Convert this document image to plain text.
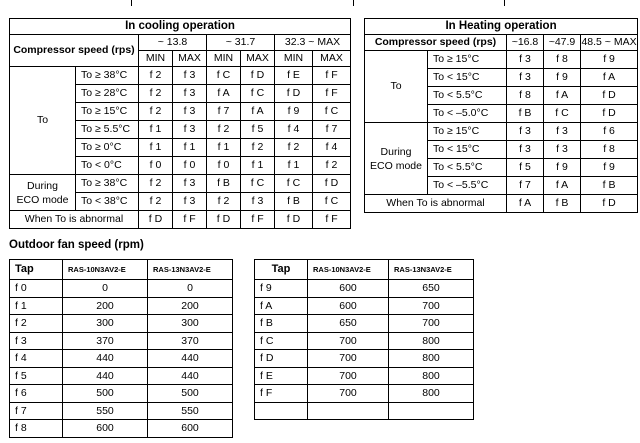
In cooling operation							
Compressor speed (rps)		~ 13.8		~ 31.7		32.3 ~ MAX	
		MIN	MAX	MIN	MAX	MIN	MAX
To	To ≥ 38°C	f 2	f 3	f C	f D	f E	f F
	To ≥ 28°C	f 2	f 3	f A	f C	f D	f F
	To ≥ 15°C	f 2	f 3	f 7	f A	f 9	f C
	To ≥ 5.5°C	f 1	f 3	f 2	f 5	f 4	f 7
	To ≥ 0°C	f 1	f 1	f 1	f 2	f 2	f 4
	To < 0°C	f 0	f 0	f 0	f 1	f 1	f 2
During
ECO mode	To ≥ 38°C	f 2	f 3	f B	f C	f C	f D
	To < 38°C	f 2	f 3	f 2	f 3	f B	f C
When To is abnormal		f D	f F	f D	f F	f D	f F
In Heating operation				
Compressor speed (rps)		~16.8	~47.9	48.5 ~ MAX
To	To ≥ 15°C	f 3	f 8	f 9
	To < 15°C	f 3	f 9	f A
	To < 5.5°C	f 8	f A	f D
	To < –5.0°C	f B	f C	f D
During
ECO mode	To ≥ 15°C	f 3	f 3	f 6
	To < 15°C	f 3	f 3	f 8
	To < 5.5°C	f 5	f 9	f 9
	To < –5.5°C	f 7	f A	f B
When To is abnormal		f A	f B	f D
Outdoor fan speed (rpm)
Tap	RAS-10N3AV2-E	RAS-13N3AV2-E
f 0	0	0
f 1	200	200
f 2	300	300
f 3	370	370
f 4	440	440
f 5	440	440
f 6	500	500
f 7	550	550
f 8	600	600
Tap	RAS-10N3AV2-E	RAS-13N3AV2-E
f 9	600	650
f A	600	700
f B	650	700
f C	700	800
f D	700	800
f E	700	800
f F	700	800
